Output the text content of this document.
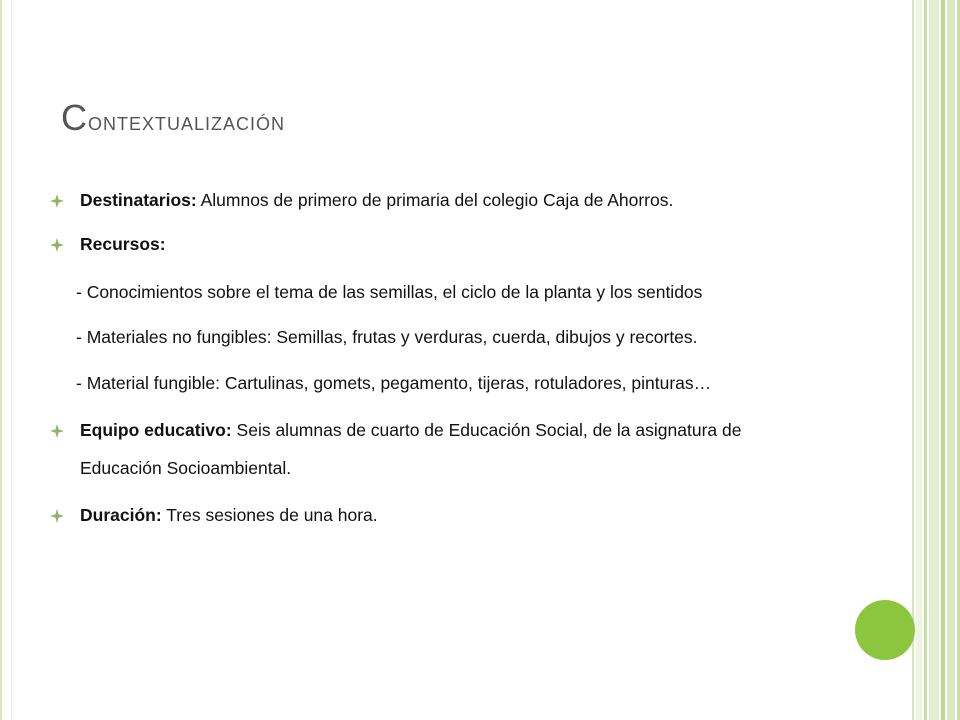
Contextualización
Destinatarios: Alumnos de primero de primaria del colegio Caja de Ahorros.
Recursos:
- Conocimientos sobre el tema de las semillas, el ciclo de la planta y los sentidos
- Materiales no fungibles: Semillas, frutas y verduras, cuerda, dibujos y recortes.
- Material fungible: Cartulinas, gomets, pegamento, tijeras, rotuladores, pinturas…
Equipo educativo: Seis alumnas de cuarto de Educación Social, de la asignatura de
Educación Socioambiental.
Duración: Tres sesiones de una hora.
